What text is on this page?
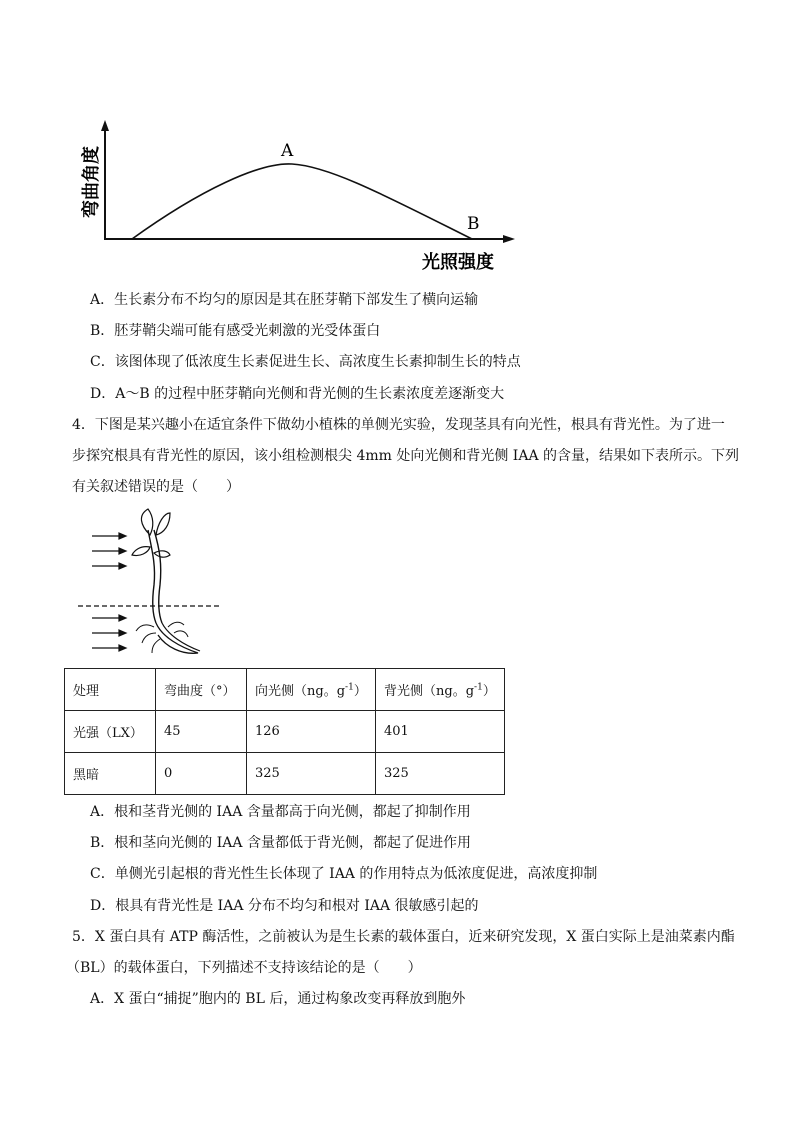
A
B
弯曲角度
光照强度
A．生长素分布不均匀的原因是其在胚芽鞘下部发生了横向运输
B．胚芽鞘尖端可能有感受光刺激的光受体蛋白
C．该图体现了低浓度生长素促进生长、高浓度生长素抑制生长的特点
D．A～B 的过程中胚芽鞘向光侧和背光侧的生长素浓度差逐渐变大
4．下图是某兴趣小在适宜条件下做幼小植株的单侧光实验，发现茎具有向光性，根具有背光性。为了进一
步探究根具有背光性的原因，该小组检测根尖 4mm 处向光侧和背光侧 IAA 的含量，结果如下表所示。下列
有关叙述错误的是（　　）
处理	弯曲度（°）	向光侧（ng。$g^{-1}$）	背光侧（ng。$g^{-1}$）
光强（LX）	45	126	401
黑暗	0	325	325
A．根和茎背光侧的 IAA 含量都高于向光侧，都起了抑制作用
B．根和茎向光侧的 IAA 含量都低于背光侧，都起了促进作用
C．单侧光引起根的背光性生长体现了 IAA 的作用特点为低浓度促进，高浓度抑制
D．根具有背光性是 IAA 分布不均匀和根对 IAA 很敏感引起的
5．X 蛋白具有 ATP 酶活性，之前被认为是生长素的载体蛋白，近来研究发现，X 蛋白实际上是油菜素内酯
（BL）的载体蛋白，下列描述不支持该结论的是（　　）
A．X 蛋白“捕捉”胞内的 BL 后，通过构象改变再释放到胞外
